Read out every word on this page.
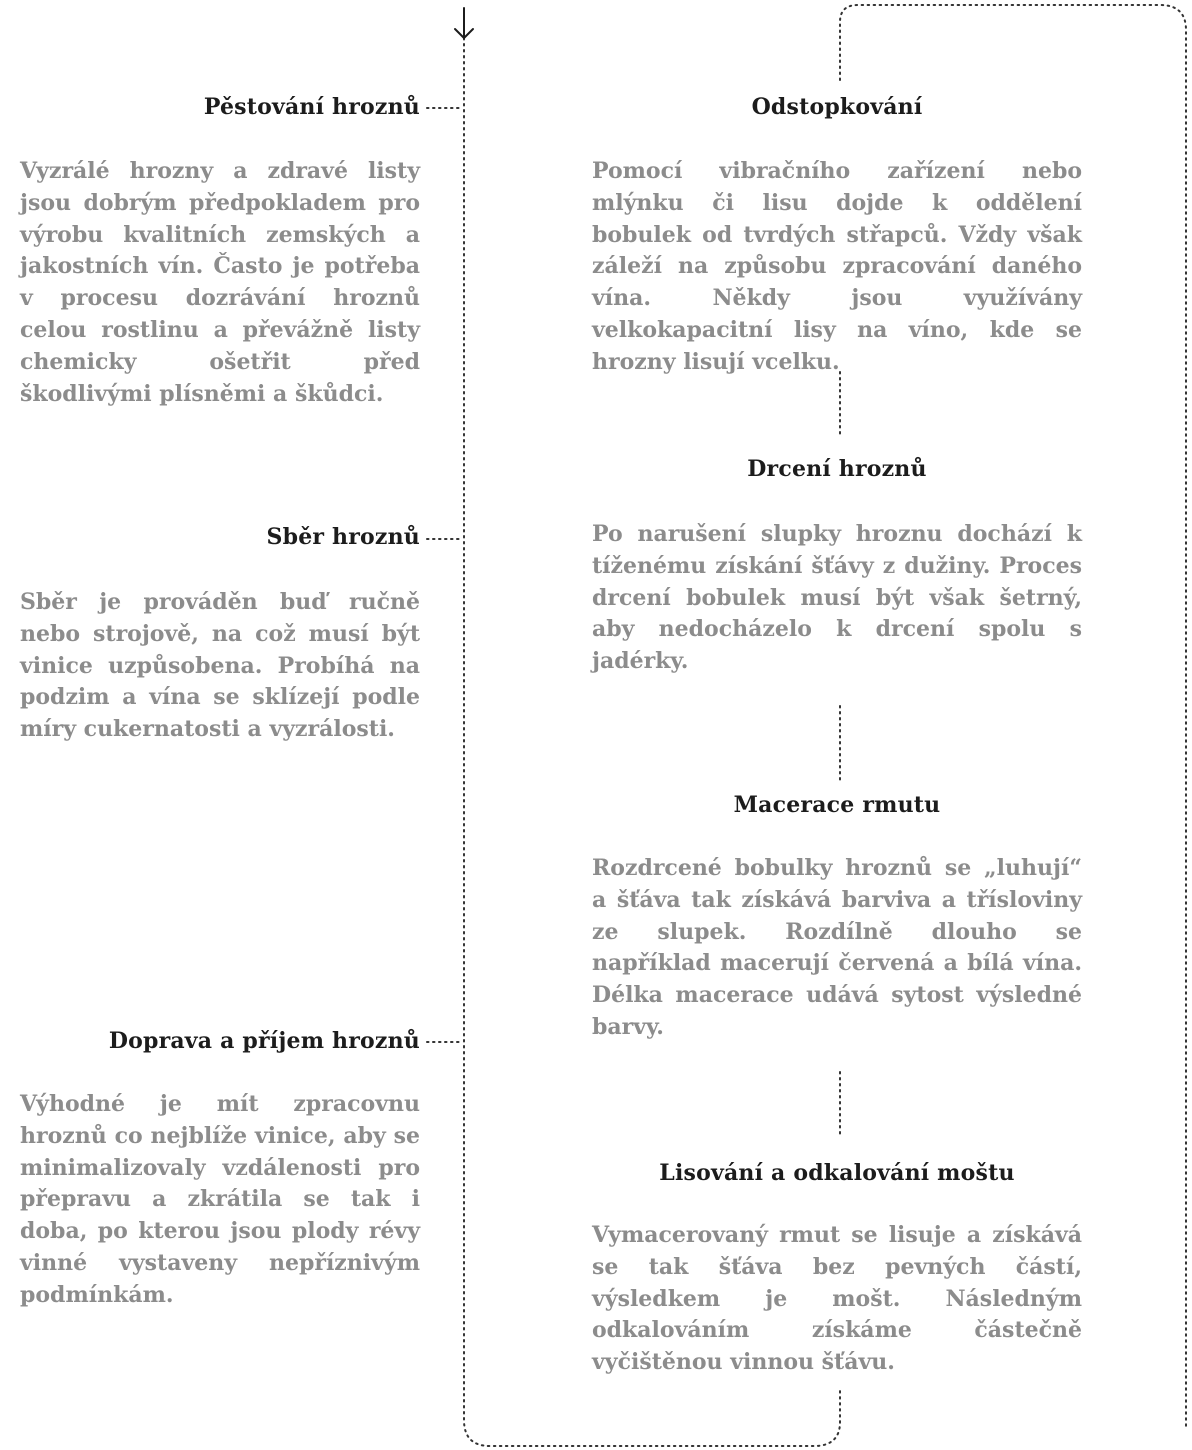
Pěstování hroznů

Vyzrálé hrozny a zdravé listy jsou dobrým předpokladem pro výrobu kvalitních zemských a jakostních vín. Často je potřeba v procesu dozrávání hroznů celou rostlinu a převážně listy chemicky ošetřit před škodlivými plísněmi a škůdci.

Sběr hroznů

Sběr je prováděn buď ručně nebo strojově, na což musí být vinice uzpůsobena. Probíhá na podzim a vína se sklízejí podle míry cukernatosti a vyzrálosti.

Doprava a příjem hroznů

Výhodné je mít zpracovnu hroznů co nejblíže vinice, aby se minimalizovaly vzdálenosti pro přepravu a zkrátila se tak i doba, po kterou jsou plody révy vinné vystaveny nepříznivým podmínkám.

Odstopkování

Pomocí vibračního zařízení nebo mlýnku či lisu dojde k oddělení bobulek od tvrdých střapců. Vždy však záleží na způsobu zpracování daného vína. Někdy jsou využívány velkokapacitní lisy na víno, kde se hrozny lisují vcelku.

Drcení hroznů

Po narušení slupky hroznu dochází k tíženému získání šťávy z dužiny. Proces drcení bobulek musí být však šetrný, aby nedocházelo k drcení spolu s jadérky.

Macerace rmutu

Rozdrcené bobulky hroznů se „luhují“ a šťáva tak získává barviva a třísloviny ze slupek. Rozdílně dlouho se například macerují červená a bílá vína. Délka macerace udává sytost výsledné barvy.

Lisování a odkalování moštu

Vymacerovaný rmut se lisuje a získává se tak šťáva bez pevných částí, výsledkem je mošt. Následným odkalováním získáme částečně vyčištěnou vinnou šťávu.
